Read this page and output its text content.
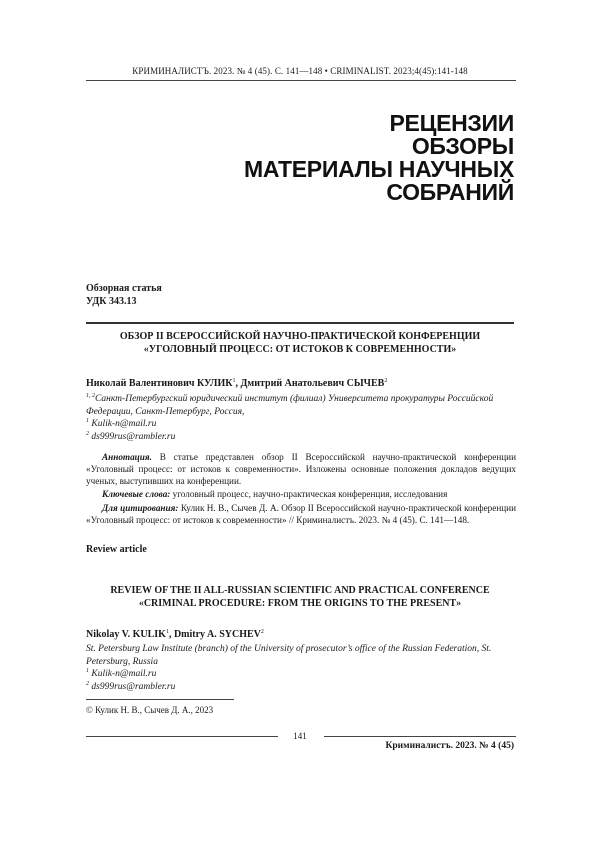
КРИМИНАЛИСТЪ. 2023. № 4 (45). С. 141—148 • CRIMINALIST. 2023;4(45):141-148
РЕЦЕНЗИИ
ОБЗОРЫ
МАТЕРИАЛЫ НАУЧНЫХ
СОБРАНИЙ
Обзорная статья
УДК 343.13
ОБЗОР II ВСЕРОССИЙСКОЙ НАУЧНО-ПРАКТИЧЕСКОЙ КОНФЕРЕНЦИИ
«УГОЛОВНЫЙ ПРОЦЕСС: ОТ ИСТОКОВ К СОВРЕМЕННОСТИ»
Николай Валентинович КУЛИК$^1$, Дмитрий Анатольевич СЫЧЕВ$^2$
$^{1, 2}$Санкт-Петербургский юридический институт (филиал) Университета прокуратуры Российской Федерации, Санкт-Петербург, Россия,
$^1$ Kulik-n@mail.ru
$^2$ ds999rus@rambler.ru
Аннотация. В статье представлен обзор II Всероссийской научно-практической конференции «Уголовный процесс: от истоков к современности». Изложены основные положения докладов ведущих ученых, выступивших на конференции.
Ключевые слова: уголовный процесс, научно-практическая конференция, исследования
Для цитирования: Кулик Н. В., Сычев Д. А. Обзор II Всероссийской научно-практической конференции «Уголовный процесс: от истоков к современности» // Криминалистъ. 2023. № 4 (45). С. 141—148.
Review article
REVIEW OF THE II ALL-RUSSIAN SCIENTIFIC AND PRACTICAL CONFERENCE
«CRIMINAL PROCEDURE: FROM THE ORIGINS TO THE PRESENT»
Nikolay V. KULIK$^1$, Dmitry A. SYCHEV$^2$
St. Petersburg Law Institute (branch) of the University of prosecutor’s office of the Russian Federation, St. Petersburg, Russia
$^1$ Kulik-n@mail.ru
$^2$ ds999rus@rambler.ru
© Кулик Н. В., Сычев Д. А., 2023
141
Криминалистъ. 2023. № 4 (45)
